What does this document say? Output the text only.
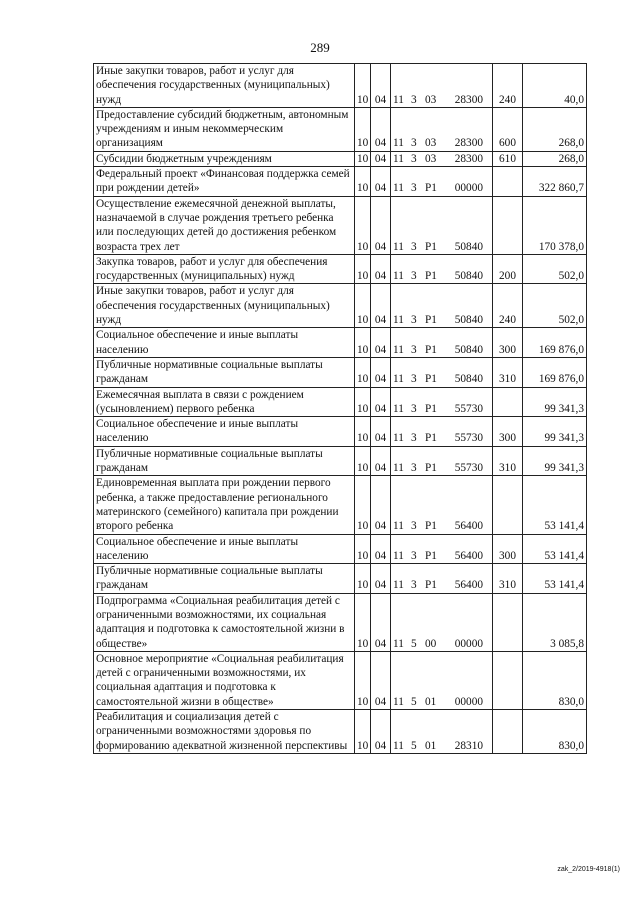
289
Иные закупки товаров, работ и услуг для обеспечения государственных (муниципальных) нужд	10	04	11 3 03 28300	240	40,0
Предоставление субсидий бюджетным, автономным учреждениям и иным некоммерческим организациям	10	04	11 3 03 28300	600	268,0
Субсидии бюджетным учреждениям	10	04	11 3 03 28300	610	268,0
Федеральный проект «Финансовая поддержка семей при рождении детей»	10	04	11 3 P1 00000		322 860,7
Осуществление ежемесячной денежной выплаты, назначаемой в случае рождения третьего ребенка или последующих детей до достижения ребенком возраста трех лет	10	04	11 3 P1 50840		170 378,0
Закупка товаров, работ и услуг для обеспечения государственных (муниципальных) нужд	10	04	11 3 P1 50840	200	502,0
Иные закупки товаров, работ и услуг для обеспечения государственных (муниципальных) нужд	10	04	11 3 P1 50840	240	502,0
Социальное обеспечение и иные выплаты населению	10	04	11 3 P1 50840	300	169 876,0
Публичные нормативные социальные выплаты гражданам	10	04	11 3 P1 50840	310	169 876,0
Ежемесячная выплата в связи с рождением (усыновлением) первого ребенка	10	04	11 3 P1 55730		99 341,3
Социальное обеспечение и иные выплаты населению	10	04	11 3 P1 55730	300	99 341,3
Публичные нормативные социальные выплаты гражданам	10	04	11 3 P1 55730	310	99 341,3
Единовременная выплата при рождении первого ребенка, а также предоставление регионального материнского (семейного) капитала при рождении второго ребенка	10	04	11 3 P1 56400		53 141,4
Социальное обеспечение и иные выплаты населению	10	04	11 3 P1 56400	300	53 141,4
Публичные нормативные социальные выплаты гражданам	10	04	11 3 P1 56400	310	53 141,4
Подпрограмма «Социальная реабилитация детей с ограниченными возможностями, их социальная адаптация и подготовка к самостоятельной жизни в обществе»	10	04	11 5 00 00000		3 085,8
Основное мероприятие «Социальная реабилитация детей с ограниченными возможностями, их социальная адаптация и подготовка к самостоятельной жизни в обществе»	10	04	11 5 01 00000		830,0
Реабилитация и социализация детей с ограниченными возможностями здоровья по формированию адекватной жизненной перспективы	10	04	11 5 01 28310		830,0
zak_2/2019-4918(1)
